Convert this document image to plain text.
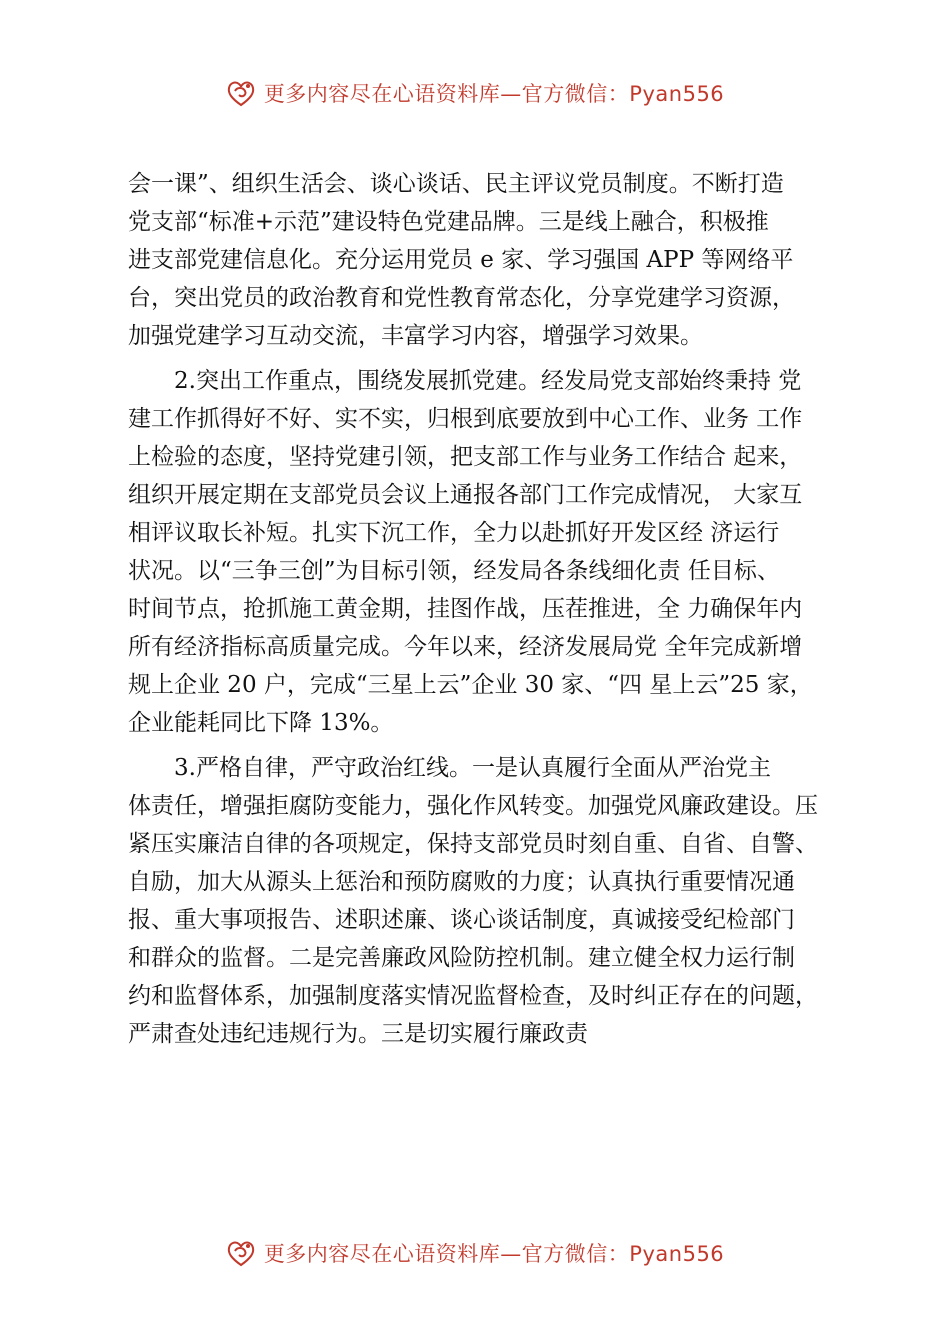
更多内容尽在心语资料库—官方微信：Pyan556
会一课”、组织生活会、谈心谈话、民主评议党员制度。不断打造
党支部“标准+示范”建设特色党建品牌。三是线上融合，积极推
进支部党建信息化。充分运用党员 e 家、学习强国 APP 等网络平
台，突出党员的政治教育和党性教育常态化，分享党建学习资源，
加强党建学习互动交流，丰富学习内容，增强学习效果。
2.突出工作重点，围绕发展抓党建。经发局党支部始终秉持 党
建工作抓得好不好、实不实，归根到底要放到中心工作、业务 工作
上检验的态度，坚持党建引领，把支部工作与业务工作结合 起来，
组织开展定期在支部党员会议上通报各部门工作完成情况， 大家互
相评议取长补短。扎实下沉工作，全力以赴抓好开发区经 济运行
状况。以“三争三创”为目标引领，经发局各条线细化责 任目标、
时间节点，抢抓施工黄金期，挂图作战，压茬推进，全 力确保年内
所有经济指标高质量完成。今年以来，经济发展局党 全年完成新增
规上企业 20 户，完成“三星上云”企业 30 家、“四 星上云”25 家，
企业能耗同比下降 13%。
3.严格自律，严守政治红线。一是认真履行全面从严治党主
体责任，增强拒腐防变能力，强化作风转变。加强党风廉政建设。压
紧压实廉洁自律的各项规定，保持支部党员时刻自重、自省、自警、
自励，加大从源头上惩治和预防腐败的力度；认真执行重要情况通
报、重大事项报告、述职述廉、谈心谈话制度，真诚接受纪检部门
和群众的监督。二是完善廉政风险防控机制。建立健全权力运行制
约和监督体系，加强制度落实情况监督检查，及时纠正存在的问题，
严肃查处违纪违规行为。三是切实履行廉政责
更多内容尽在心语资料库—官方微信：Pyan556
